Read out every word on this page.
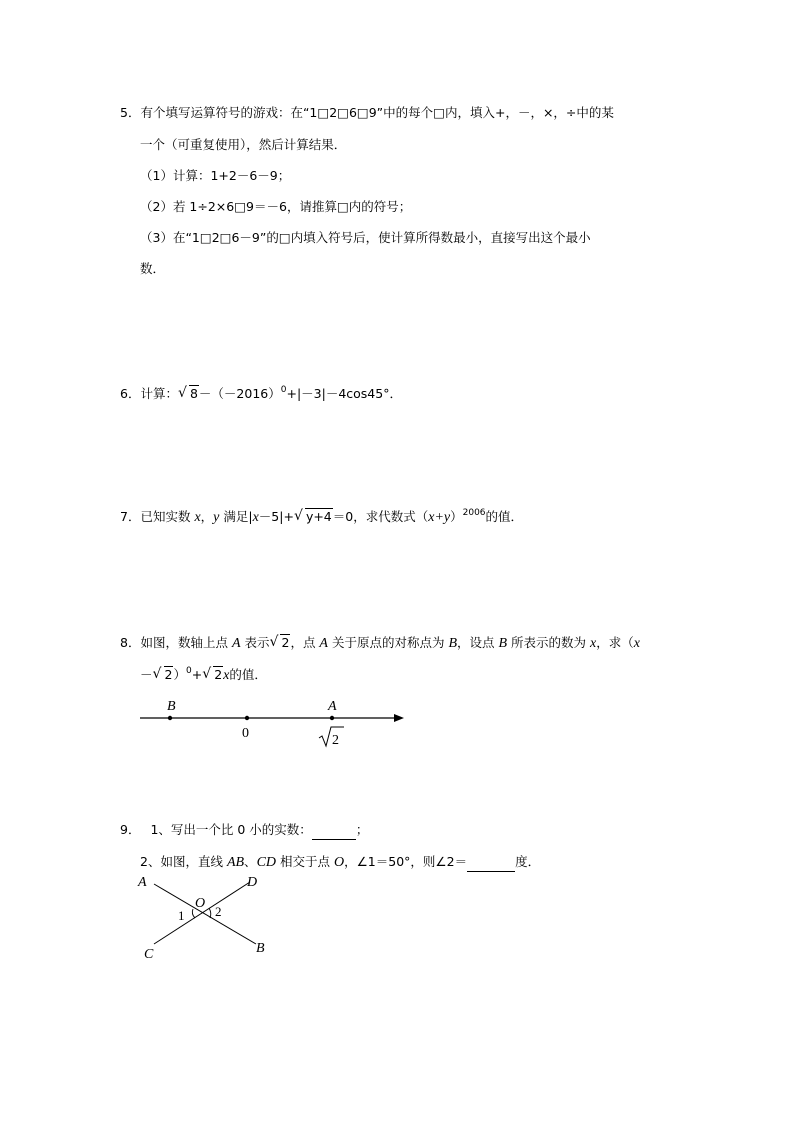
5．有个填写运算符号的游戏：在“1□2□6□9”中的每个□内，填入+，－，×，÷中的某
一个（可重复使用），然后计算结果．
（1）计算：1+2－6－9；
（2）若 1÷2×6□9＝－6，请推算□内的符号；
（3）在“1□2□6－9”的□内填入符号后，使计算所得数最小，直接写出这个最小
数．
6．计算： √ $8-(-2016)^0+|-3|-4\cos 45^\circ$．
7．已知实数 x，y 满足|x－5|+ √ y+4＝0，求代数式$(x+y)^{2006}$的值．
8．如图，数轴上点 A 表示 √ 2，点 A 关于原点的对称点为 B，设点 B 所表示的数为 x，求（x
－ √ 2）$^0$+ √ 2x的值．
B
0
A
2
9． 1、写出一个比 0 小的实数：	；
2、如图，直线 AB、CD 相交于点 O，∠1＝50°，则∠2＝	度．
A	D
O
1 2
C	B
